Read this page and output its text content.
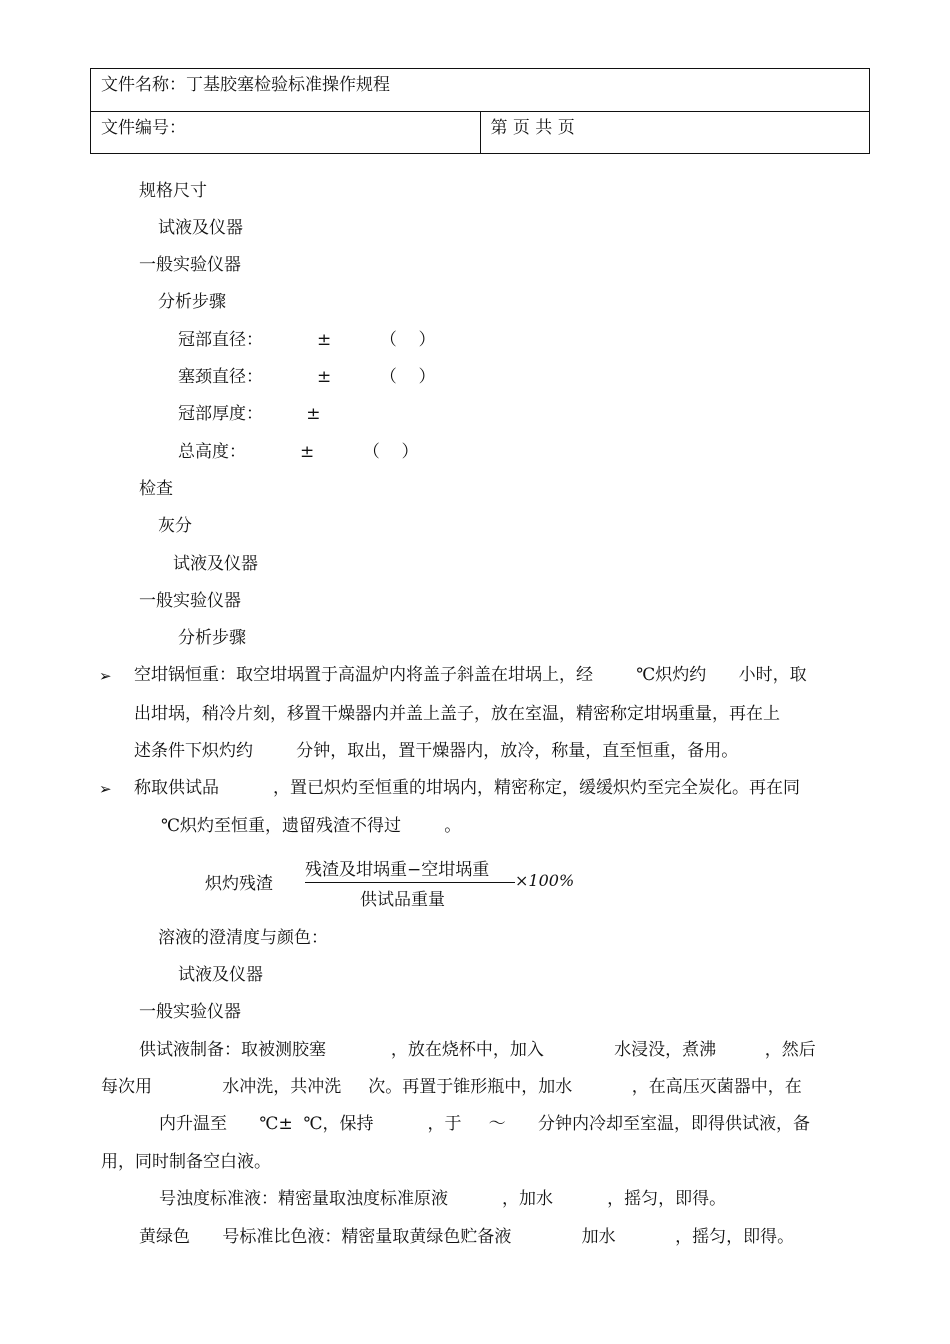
文件名称：丁基胶塞检验标准操作规程
文件编号：	第 页 共 页
规格尺寸
试液及仪器
一般实验仪器
分析步骤
冠部直径：          ±         （    ）
塞颈直径：          ±         （    ）
冠部厚度：        ±
总高度：          ±         （    ）
检查
灰分
试液及仪器
一般实验仪器
分析步骤
➢ 空坩锅恒重：取空坩埚置于高温炉内将盖子斜盖在坩埚上，经        ℃炽灼约      小时，取
出坩埚，稍冷片刻，移置干燥器内并盖上盖子，放在室温，精密称定坩埚重量，再在上
述条件下炽灼约        分钟，取出，置干燥器内，放冷，称量，直至恒重，备用。
➢ 称取供试品          ，置已炽灼至恒重的坩埚内，精密称定，缓缓炽灼至完全炭化。再在同
℃炽灼至恒重，遗留残渣不得过        。
炽灼残渣
残渣及坩埚重−空坩埚重
供试品重量
×100%
溶液的澄清度与颜色：
试液及仪器
一般实验仪器
供试液制备：取被测胶塞            ，放在烧杯中，加入             水浸没，煮沸         ，然后
每次用             水冲洗，共冲洗     次。再置于锥形瓶中，加水           ，在高压灭菌器中，在
内升温至      ℃±  ℃，保持          ，于     ～      分钟内冷却至室温，即得供试液，备
用，同时制备空白液。
号浊度标准液：精密量取浊度标准原液          ，加水          ，摇匀，即得。
黄绿色      号标准比色液：精密量取黄绿色贮备液             加水           ，摇匀，即得。
